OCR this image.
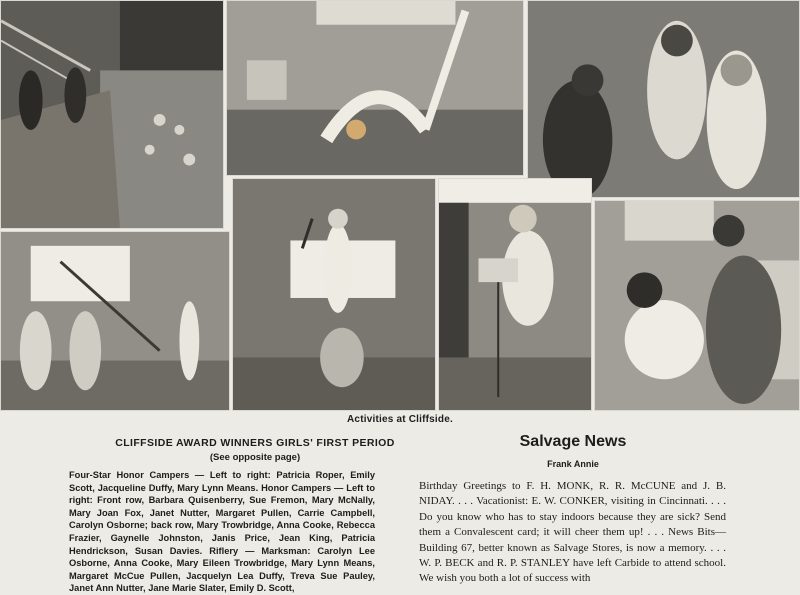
Activities at Cliffside.
CLIFFSIDE AWARD WINNERS GIRLS' FIRST PERIOD
(See opposite page)
Four-Star Honor Campers — Left to right: Patricia Roper, Emily Scott, Jacqueline Duffy, Mary Lynn Means. Honor Campers — Left to right: Front row, Barbara Quisenberry, Sue Fremon, Mary McNally, Mary Joan Fox, Janet Nutter, Margaret Pullen, Carrie Campbell, Carolyn Osborne; back row, Mary Trowbridge, Anna Cooke, Rebecca Frazier, Gaynelle Johnston, Janis Price, Jean King, Patricia Hendrickson, Susan Davies. Riflery — Marksman: Carolyn Lee Osborne, Anna Cooke, Mary Eileen Trowbridge, Mary Lynn Means, Margaret McCue Pullen, Jacquelyn Lea Duffy, Treva Sue Pauley, Janet Ann Nutter, Jane Marie Slater, Emily D. Scott,
Salvage News
Frank Annie
Birthday Greetings to F. H. MONK, R. R. McCUNE and J. B. NIDAY. . . . Vacationist: E. W. CONKER, visiting in Cincinnati. . . . Do you know who has to stay indoors because they are sick? Send them a Convalescent card; it will cheer them up! . . . News Bits—Building 67, better known as Salvage Stores, is now a memory. . . . W. P. BECK and R. P. STANLEY have left Carbide to attend school. We wish you both a lot of success with
